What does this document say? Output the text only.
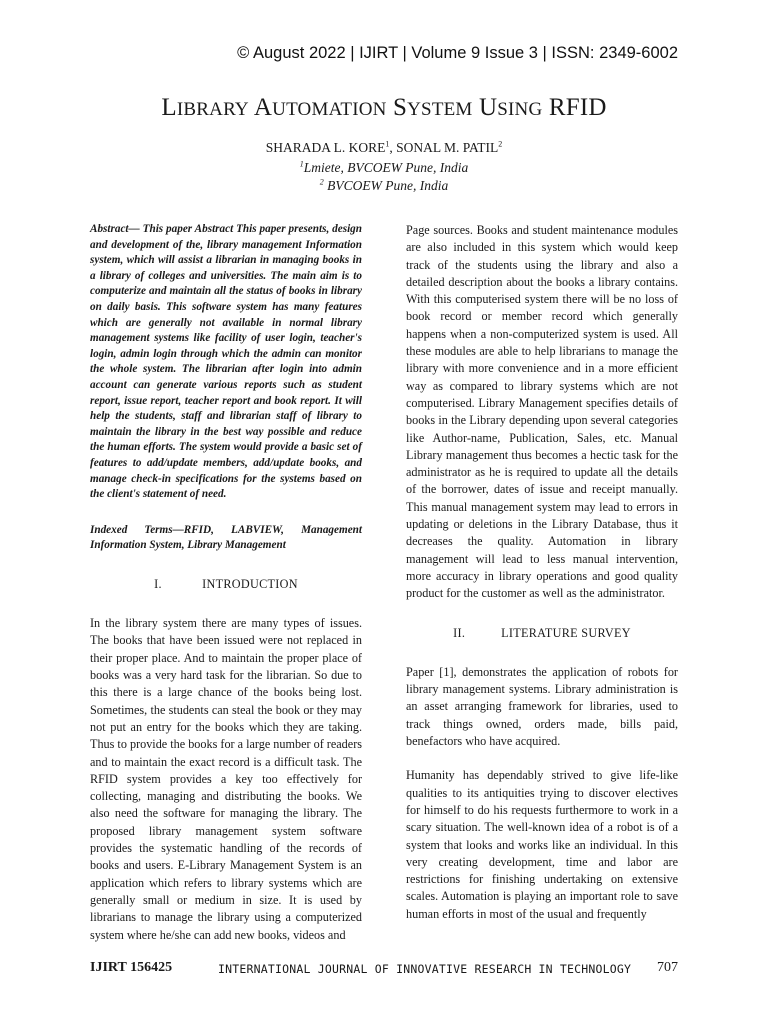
© August 2022 | IJIRT | Volume 9 Issue 3 | ISSN: 2349-6002
LIBRARY AUTOMATION SYSTEM USING RFID
SHARADA L. KORE$^1$, SONAL M. PATIL$^2$
$^1$Lmiete, BVCOEW Pune, India
$^2$ BVCOEW Pune, India

Abstract— This paper Abstract This paper presents, design and development of the, library management Information system, which will assist a librarian in managing books in a library of colleges and universities. The main aim is to computerize and maintain all the status of books in library on daily basis. This software system has many features which are generally not available in normal library management systems like facility of user login, teacher's login, admin login through which the admin can monitor the whole system. The librarian after login into admin account can generate various reports such as student report, issue report, teacher report and book report. It will help the students, staff and librarian staff of library to maintain the library in the best way possible and reduce the human efforts. The system would provide a basic set of features to add/update members, add/update books, and manage check-in specifications for the systems based on the client's statement of need.

Indexed Terms—RFID, LABVIEW, Management Information System, Library Management

I.	INTRODUCTION

In the library system there are many types of issues. The books that have been issued were not replaced in their proper place. And to maintain the proper place of books was a very hard task for the librarian. So due to this there is a large chance of the books being lost. Sometimes, the students can steal the book or they may not put an entry for the books which they are taking. Thus to provide the books for a large number of readers and to maintain the exact record is a difficult task. The RFID system provides a key too effectively for collecting, managing and distributing the books. We also need the software for managing the library. The proposed library management system software provides the systematic handling of the records of books and users. E-Library Management System is an application which refers to library systems which are generally small or medium in size. It is used by librarians to manage the library using a computerized system where he/she can add new books, videos and

Page sources. Books and student maintenance modules are also included in this system which would keep track of the students using the library and also a detailed description about the books a library contains. With this computerised system there will be no loss of book record or member record which generally happens when a non-computerized system is used. All these modules are able to help librarians to manage the library with more convenience and in a more efficient way as compared to library systems which are not computerised. Library Management specifies details of books in the Library depending upon several categories like Author-name, Publication, Sales, etc. Manual Library management thus becomes a hectic task for the administrator as he is required to update all the details of the borrower, dates of issue and receipt manually. This manual management system may lead to errors in updating or deletions in the Library Database, thus it decreases the quality. Automation in library management will lead to less manual intervention, more accuracy in library operations and good quality product for the customer as well as the administrator.

II.	LITERATURE SURVEY

Paper [1], demonstrates the application of robots for library management systems. Library administration is an asset arranging framework for libraries, used to track things owned, orders made, bills paid, benefactors who have acquired.

Humanity has dependably strived to give life-like qualities to its antiquities trying to discover electives for himself to do his requests furthermore to work in a scary situation. The well-known idea of a robot is of a system that looks and works like an individual. In this very creating development, time and labor are restrictions for finishing undertaking on extensive scales. Automation is playing an important role to save human efforts in most of the usual and frequently

IJIRT 156425	INTERNATIONAL JOURNAL OF INNOVATIVE RESEARCH IN TECHNOLOGY 707
